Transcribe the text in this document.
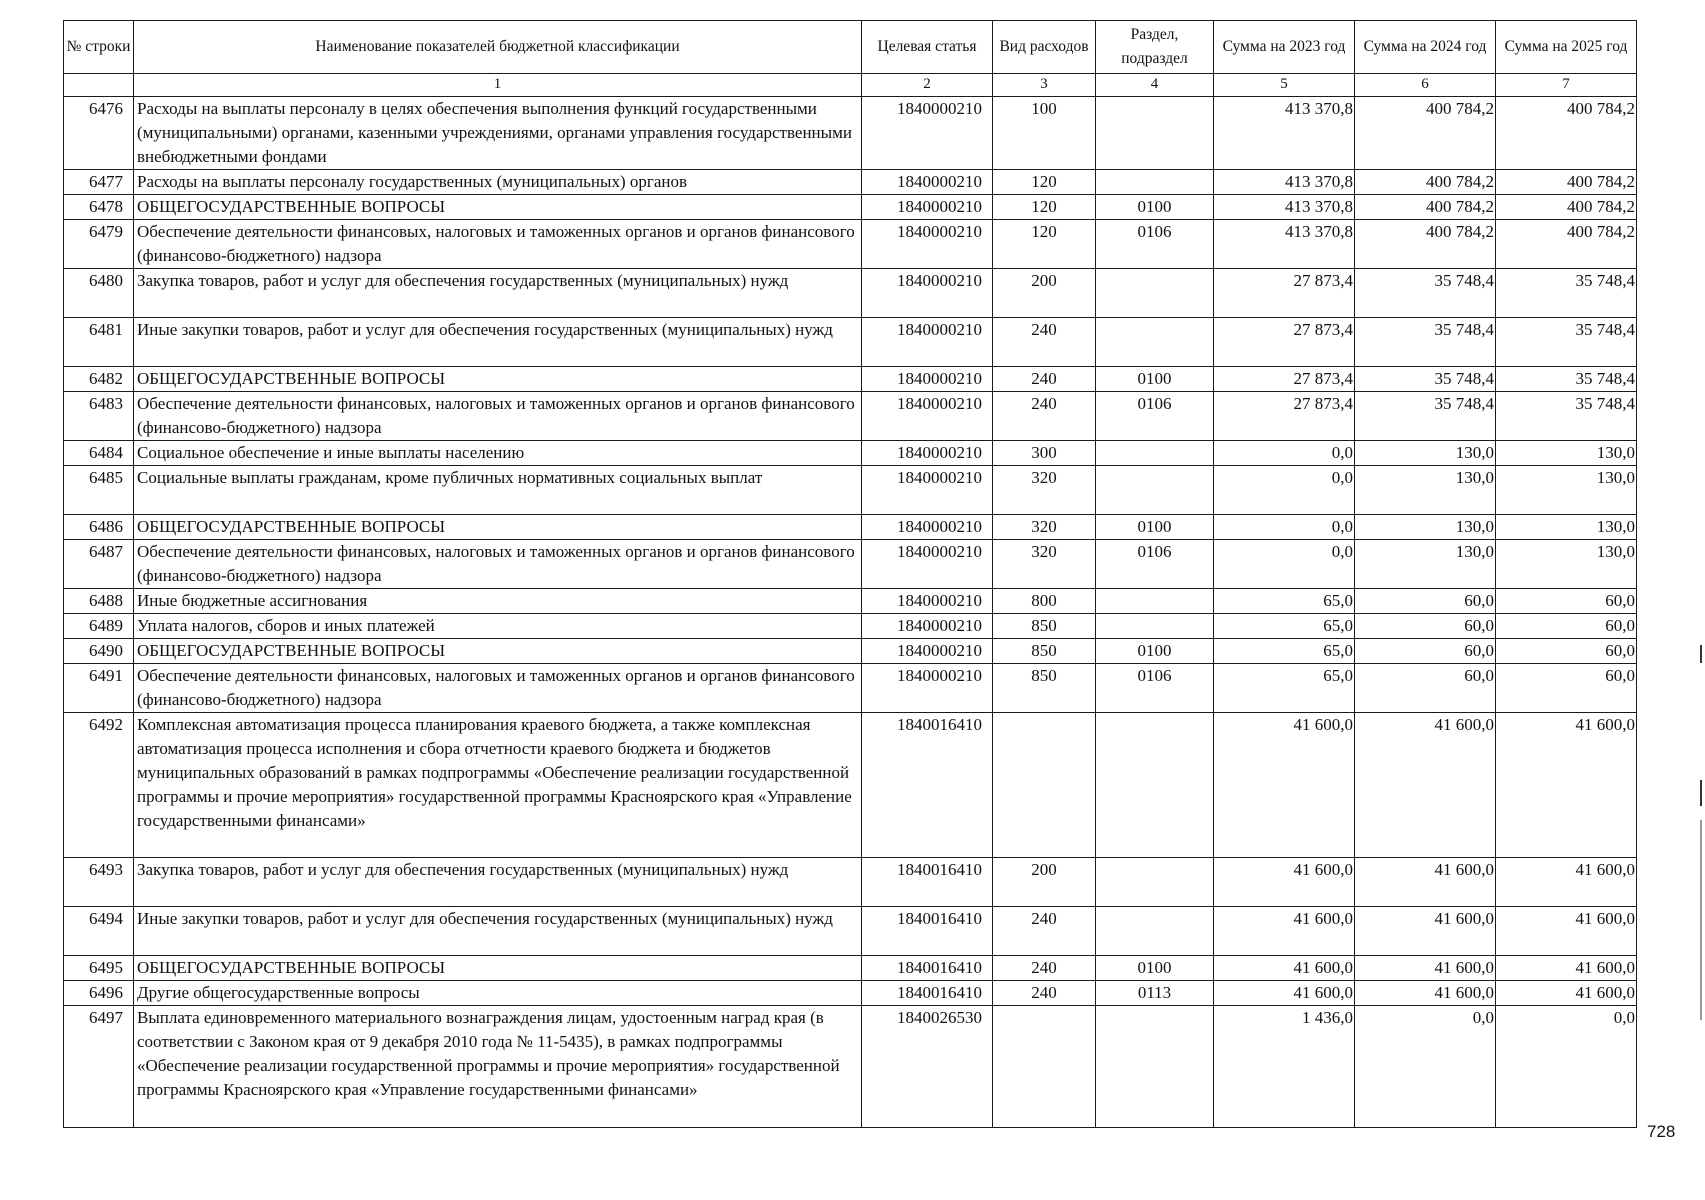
№ строки	Наименование показателей бюджетной классификации	Целевая статья	Вид расходов	Раздел, подраздел	Сумма на 2023 год	Сумма на 2024 год	Сумма на 2025 год
	1	2	3	4	5	6	7
6476	Расходы на выплаты персоналу в целях обеспечения выполнения функций государственными (муниципальными) органами, казенными учреждениями, органами управления государственными внебюджетными фондами	1840000210	100		413 370,8	400 784,2	400 784,2
6477	Расходы на выплаты персоналу государственных (муниципальных) органов	1840000210	120		413 370,8	400 784,2	400 784,2
6478	ОБЩЕГОСУДАРСТВЕННЫЕ ВОПРОСЫ	1840000210	120	0100	413 370,8	400 784,2	400 784,2
6479	Обеспечение деятельности финансовых, налоговых и таможенных органов и органов финансового (финансово-бюджетного) надзора	1840000210	120	0106	413 370,8	400 784,2	400 784,2
6480	Закупка товаров, работ и услуг для обеспечения государственных (муниципальных) нужд	1840000210	200		27 873,4	35 748,4	35 748,4
6481	Иные закупки товаров, работ и услуг для обеспечения государственных (муниципальных) нужд	1840000210	240		27 873,4	35 748,4	35 748,4
6482	ОБЩЕГОСУДАРСТВЕННЫЕ ВОПРОСЫ	1840000210	240	0100	27 873,4	35 748,4	35 748,4
6483	Обеспечение деятельности финансовых, налоговых и таможенных органов и органов финансового (финансово-бюджетного) надзора	1840000210	240	0106	27 873,4	35 748,4	35 748,4
6484	Социальное обеспечение и иные выплаты населению	1840000210	300		0,0	130,0	130,0
6485	Социальные выплаты гражданам, кроме публичных нормативных социальных выплат	1840000210	320		0,0	130,0	130,0
6486	ОБЩЕГОСУДАРСТВЕННЫЕ ВОПРОСЫ	1840000210	320	0100	0,0	130,0	130,0
6487	Обеспечение деятельности финансовых, налоговых и таможенных органов и органов финансового (финансово-бюджетного) надзора	1840000210	320	0106	0,0	130,0	130,0
6488	Иные бюджетные ассигнования	1840000210	800		65,0	60,0	60,0
6489	Уплата налогов, сборов и иных платежей	1840000210	850		65,0	60,0	60,0
6490	ОБЩЕГОСУДАРСТВЕННЫЕ ВОПРОСЫ	1840000210	850	0100	65,0	60,0	60,0
6491	Обеспечение деятельности финансовых, налоговых и таможенных органов и органов финансового (финансово-бюджетного) надзора	1840000210	850	0106	65,0	60,0	60,0
6492	Комплексная автоматизация процесса планирования краевого бюджета, а также комплексная автоматизация процесса исполнения и сбора отчетности краевого бюджета и бюджетов муниципальных образований в рамках подпрограммы «Обеспечение реализации государственной программы и прочие мероприятия» государственной программы Красноярского края «Управление государственными финансами»	1840016410			41 600,0	41 600,0	41 600,0
6493	Закупка товаров, работ и услуг для обеспечения государственных (муниципальных) нужд	1840016410	200		41 600,0	41 600,0	41 600,0
6494	Иные закупки товаров, работ и услуг для обеспечения государственных (муниципальных) нужд	1840016410	240		41 600,0	41 600,0	41 600,0
6495	ОБЩЕГОСУДАРСТВЕННЫЕ ВОПРОСЫ	1840016410	240	0100	41 600,0	41 600,0	41 600,0
6496	Другие общегосударственные вопросы	1840016410	240	0113	41 600,0	41 600,0	41 600,0
6497	Выплата единовременного материального вознаграждения лицам, удостоенным наград края (в соответствии с Законом края от 9 декабря 2010 года № 11-5435), в рамках подпрограммы «Обеспечение реализации государственной программы и прочие мероприятия» государственной программы Красноярского края «Управление государственными финансами»	1840026530			1 436,0	0,0	0,0
728
